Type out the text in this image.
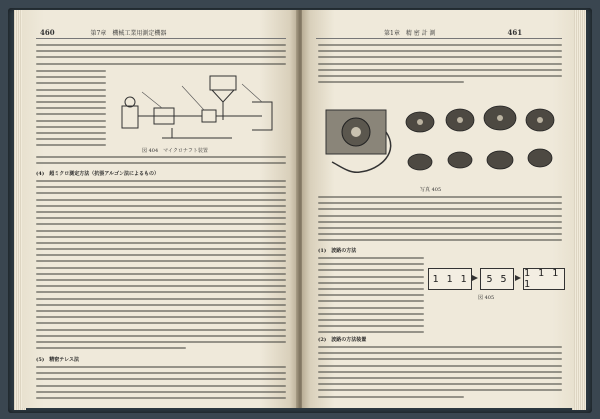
460	第7章　機械工業用測定機器
図 404　マイクロナフト装置
(4)　超ミクロ測定方法（抗張アルゴン法によるもの）
(5)　精密テレス法
第1章　精 密 計 測	461
写真 405
(1)　波路の方法
1 1 1	5 5	1 1 1 1
図 405
(2)　波路の方法装置
